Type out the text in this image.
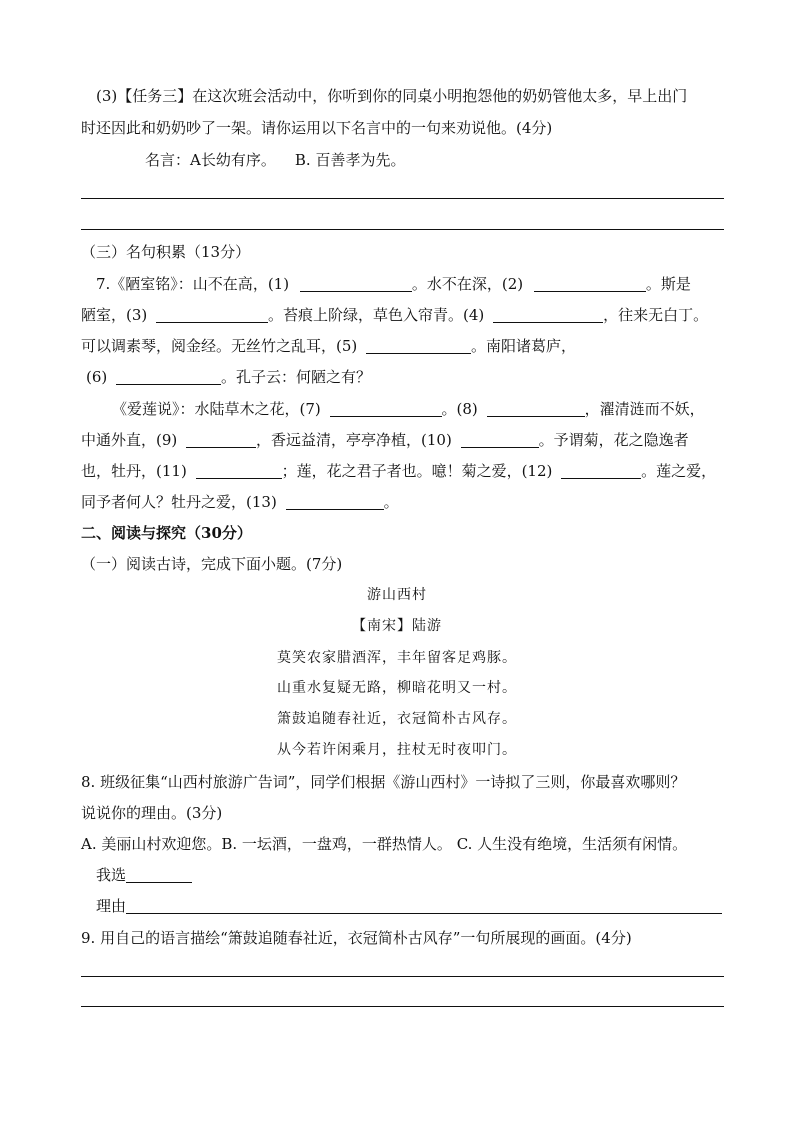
(3)【任务三】在这次班会活动中，你听到你的同桌小明抱怨他的奶奶管他太多，早上出门
时还因此和奶奶吵了一架。请你运用以下名言中的一句来劝说他。(4分)
名言：A长幼有序。    B. 百善孝为先。
（三）名句积累（13分）
7.《陋室铭》：山不在高，(1)	。水不在深，(2)	。斯是
陋室，(3)	。苔痕上阶绿，草色入帘青。(4)	，往来无白丁。
可以调素琴，阅金经。无丝竹之乱耳，(5)	。南阳诸葛庐，
(6)	。孔子云：何陋之有？
《爱莲说》：水陆草木之花，(7)	。(8)	，濯清涟而不妖，
中通外直，(9)	，香远益清，亭亭净植，(10)	。予谓菊，花之隐逸者
也，牡丹，(11)	；莲，花之君子者也。噫！菊之爱，(12)	。莲之爱，
同予者何人？牡丹之爱，(13)	。
二、阅读与探究（30分）
（一）阅读古诗，完成下面小题。(7分)
游山西村
【南宋】陆游
莫笑农家腊酒浑，丰年留客足鸡豚。
山重水复疑无路，柳暗花明又一村。
箫鼓追随春社近，衣冠简朴古风存。
从今若许闲乘月，拄杖无时夜叩门。
8. 班级征集“山西村旅游广告词”，同学们根据《游山西村》一诗拟了三则，你最喜欢哪则？
说说你的理由。(3分)
A. 美丽山村欢迎您。B. 一坛酒，一盘鸡，一群热情人。 C. 人生没有绝境，生活须有闲情。
我选
理由
9. 用自己的语言描绘“箫鼓追随春社近，衣冠简朴古风存”一句所展现的画面。(4分)
